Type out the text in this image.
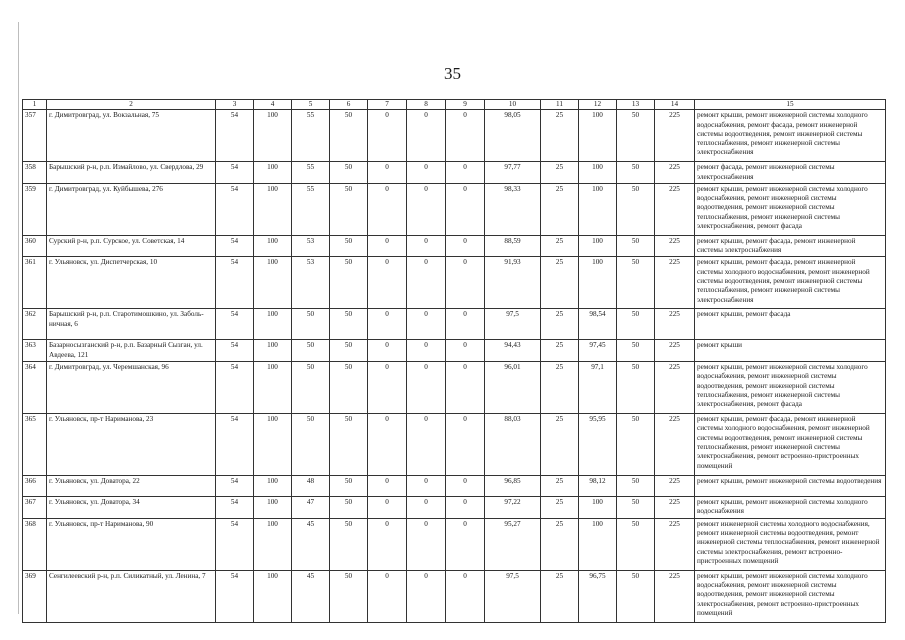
35
1	2	3	4	5	6	7	8	9	10	11	12	13	14	15
357	г. Димитровград, ул. Вокзальная, 75	54	100	55	50	0	0	0	98,05	25	100	50	225	ремонт крыши, ремонт инженерной системы холодного водоснабжения, ремонт фасада, ремонт инженерной системы водоотведения, ремонт инженерной системы теплоснабжения, ремонт инженерной системы электроснабжения
358	Барышский р-н, р.п. Измайлово, ул. Свердлова, 29	54	100	55	50	0	0	0	97,77	25	100	50	225	ремонт фасада, ремонт инженерной системы электроснабжения
359	г. Димитровград, ул. Куйбышева, 276	54	100	55	50	0	0	0	98,33	25	100	50	225	ремонт крыши, ремонт инженерной системы холодного водоснабжения, ремонт инженерной системы водоотведения, ремонт инженерной системы теплоснабжения, ремонт инженерной системы электроснабжения, ремонт фасада
360	Сурский р-н, р.п. Сурское, ул. Советская, 14	54	100	53	50	0	0	0	88,59	25	100	50	225	ремонт крыши, ремонт фасада, ремонт инженерной системы электроснабжения
361	г. Ульяновск, ул. Диспетчерская, 10	54	100	53	50	0	0	0	91,93	25	100	50	225	ремонт крыши, ремонт фасада, ремонт инженерной системы холодного водоснабжения, ремонт инженерной системы водоотведения, ремонт инженерной системы теплоснабжения, ремонт инженерной системы электроснабжения
362	Барышский р-н, р.п. Старотимошкино, ул. Забольничная, 6	54	100	50	50	0	0	0	97,5	25	98,54	50	225	ремонт крыши, ремонт фасада
363	Базарносызганский р-н, р.п. Базарный Сызган, ул. Авдеева, 121	54	100	50	50	0	0	0	94,43	25	97,45	50	225	ремонт крыши
364	г. Димитровград, ул. Черемшанская, 96	54	100	50	50	0	0	0	96,01	25	97,1	50	225	ремонт крыши, ремонт инженерной системы холодного водоснабжения, ремонт инженерной системы водоотведения, ремонт инженерной системы теплоснабжения, ремонт инженерной системы электроснабжения, ремонт фасада
365	г. Ульяновск, пр-т Нариманова, 23	54	100	50	50	0	0	0	88,03	25	95,95	50	225	ремонт крыши, ремонт фасада, ремонт инженерной системы холодного водоснабжения, ремонт инженерной системы водоотведения, ремонт инженерной системы теплоснабжения, ремонт инженерной системы электроснабжения, ремонт встроенно-пристроенных помещений
366	г. Ульяновск, ул. Доватора, 22	54	100	48	50	0	0	0	96,85	25	98,12	50	225	ремонт крыши, ремонт инженерной системы водоотведения
367	г. Ульяновск, ул. Доватора, 34	54	100	47	50	0	0	0	97,22	25	100	50	225	ремонт крыши, ремонт инженерной системы холодного водоснабжения
368	г. Ульяновск, пр-т Нариманова, 90	54	100	45	50	0	0	0	95,27	25	100	50	225	ремонт инженерной системы холодного водоснабжения, ремонт инженерной системы водоотведения, ремонт инженерной системы теплоснабжения, ремонт инженерной системы электроснабжения, ремонт встроенно-пристроенных помещений
369	Сенгилеевский р-н, р.п. Силикатный, ул. Ленина, 7	54	100	45	50	0	0	0	97,5	25	96,75	50	225	ремонт крыши, ремонт инженерной системы холодного водоснабжения, ремонт инженерной системы водоотведения, ремонт инженерной системы электроснабжения, ремонт встроенно-пристроенных помещений
